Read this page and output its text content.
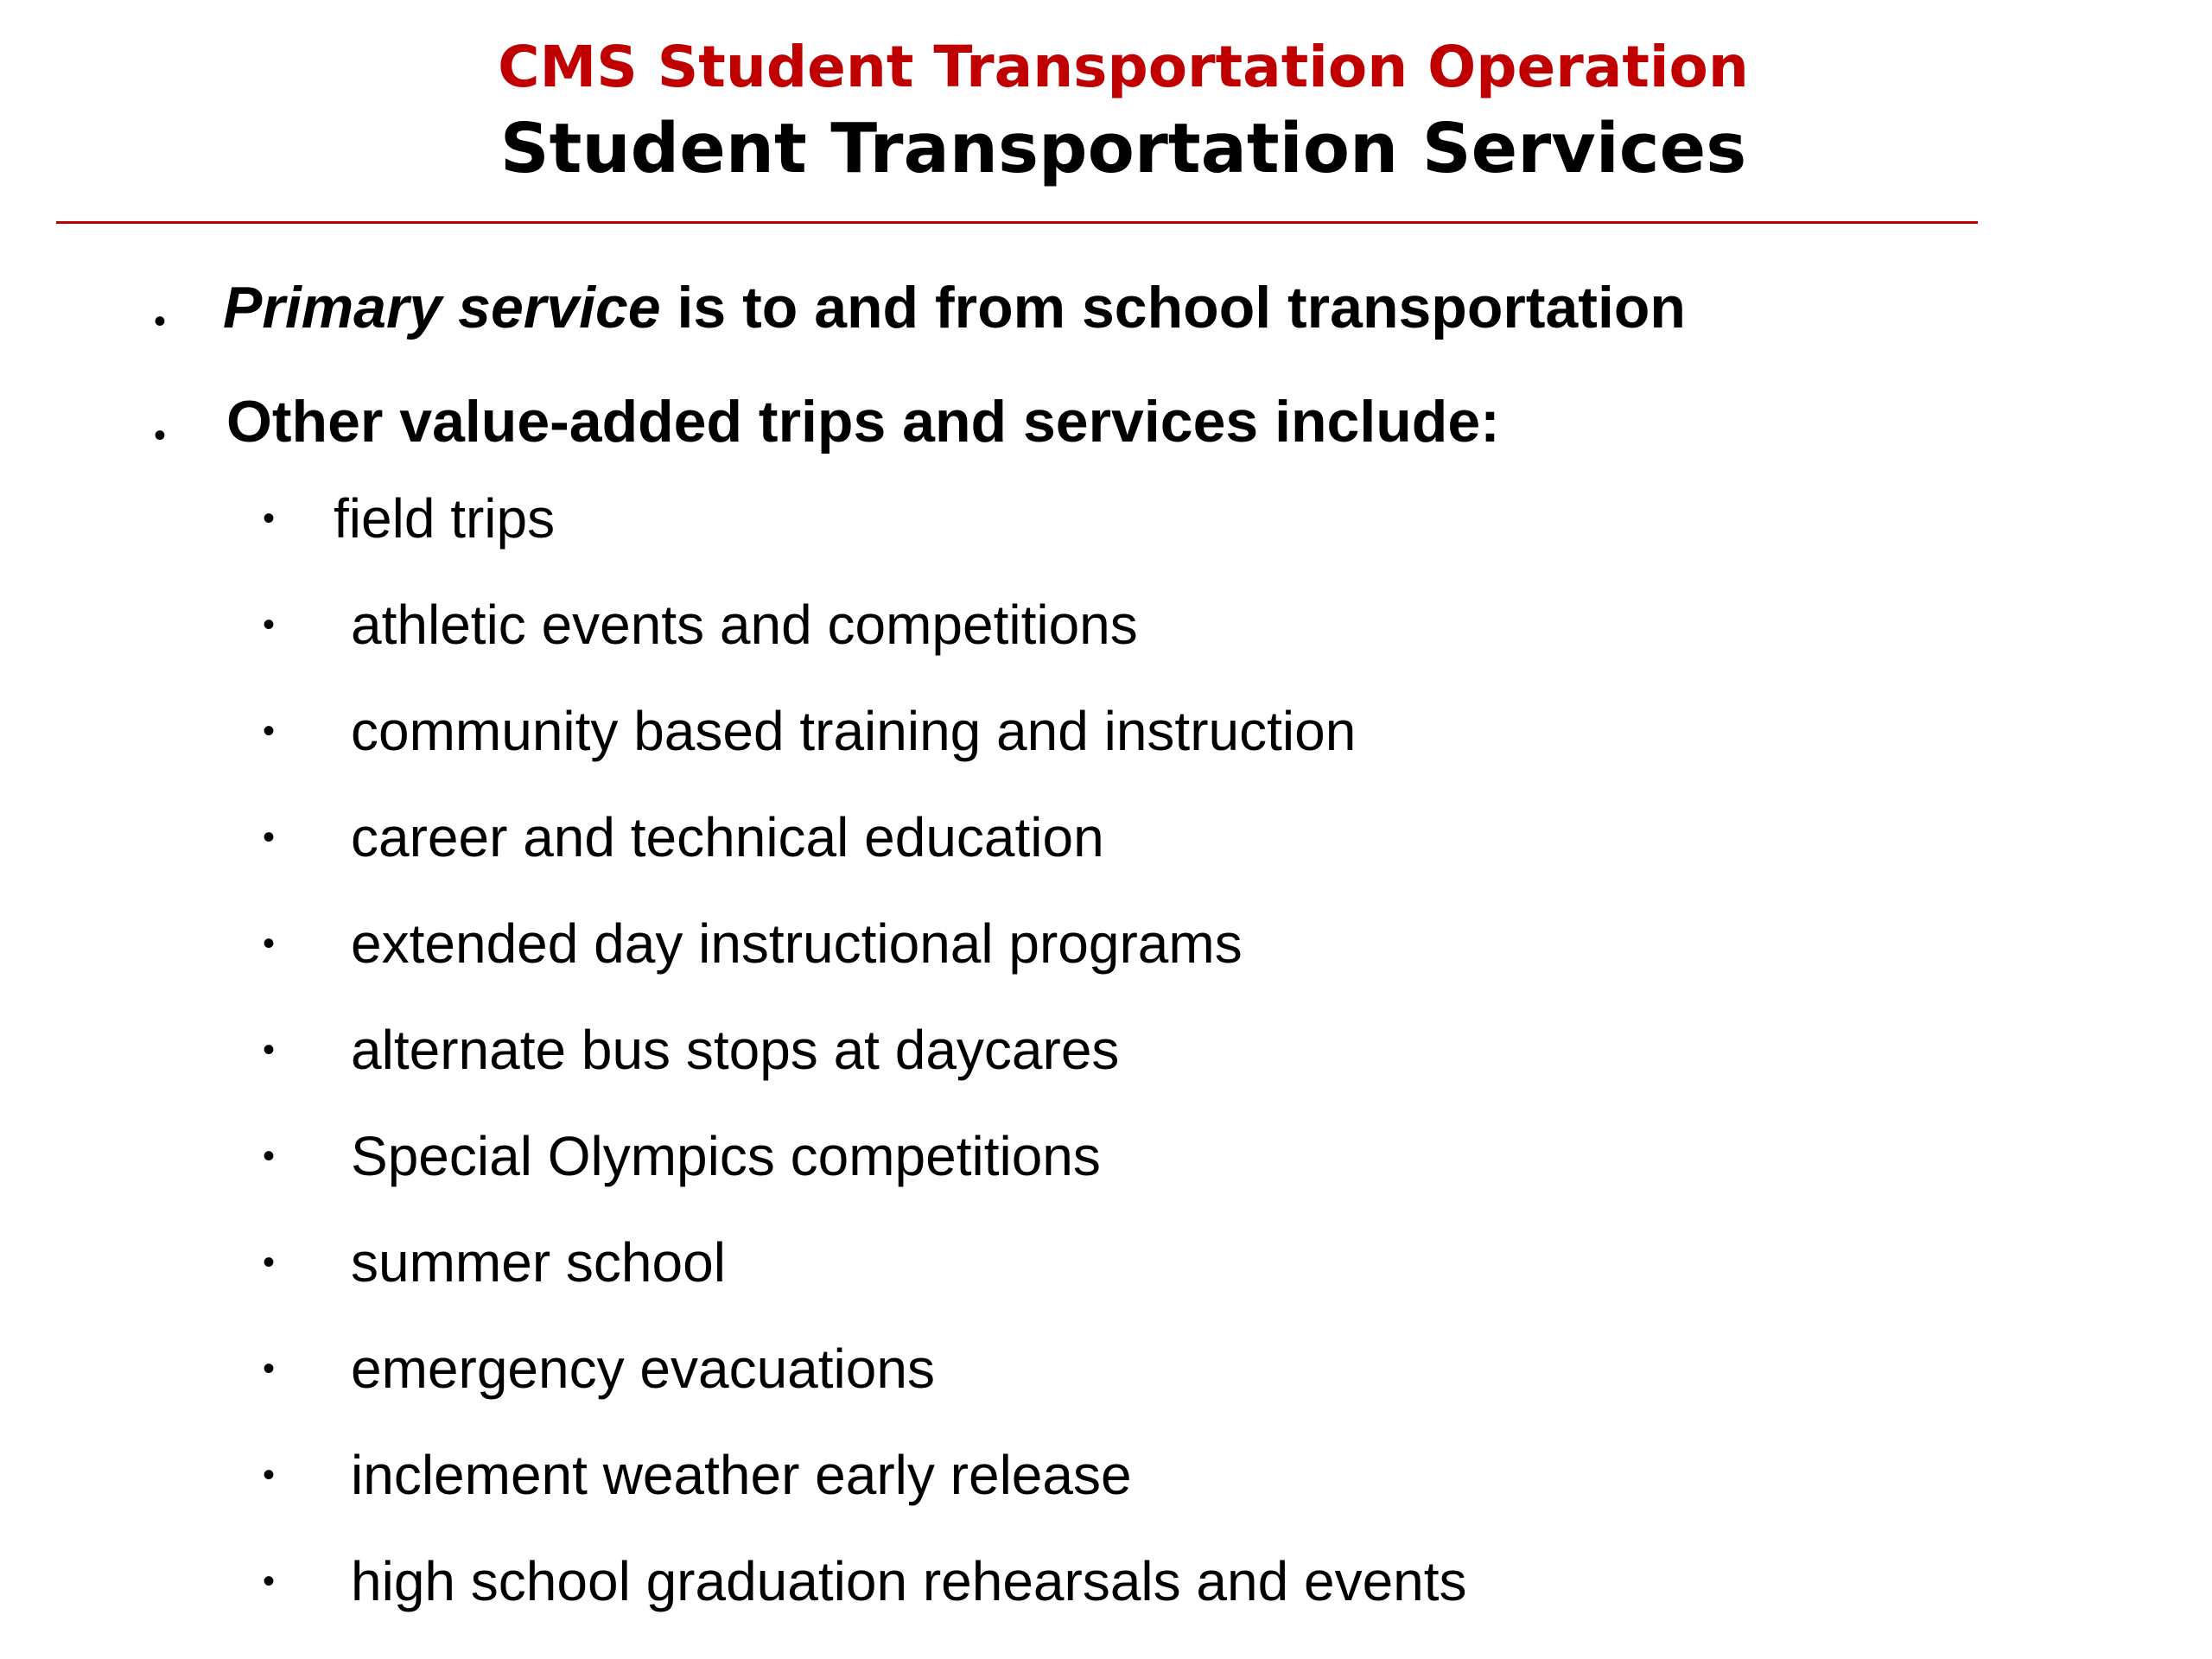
CMS Student Transportation Operation
Student Transportation Services
• Primary service is to and from school transportation
• Other value-added trips and services include:
• field trips
• athletic events and competitions
• community based training and instruction
• career and technical education
• extended day instructional programs
• alternate bus stops at daycares
• Special Olympics competitions
• summer school
• emergency evacuations
• inclement weather early release
• high school graduation rehearsals and events
